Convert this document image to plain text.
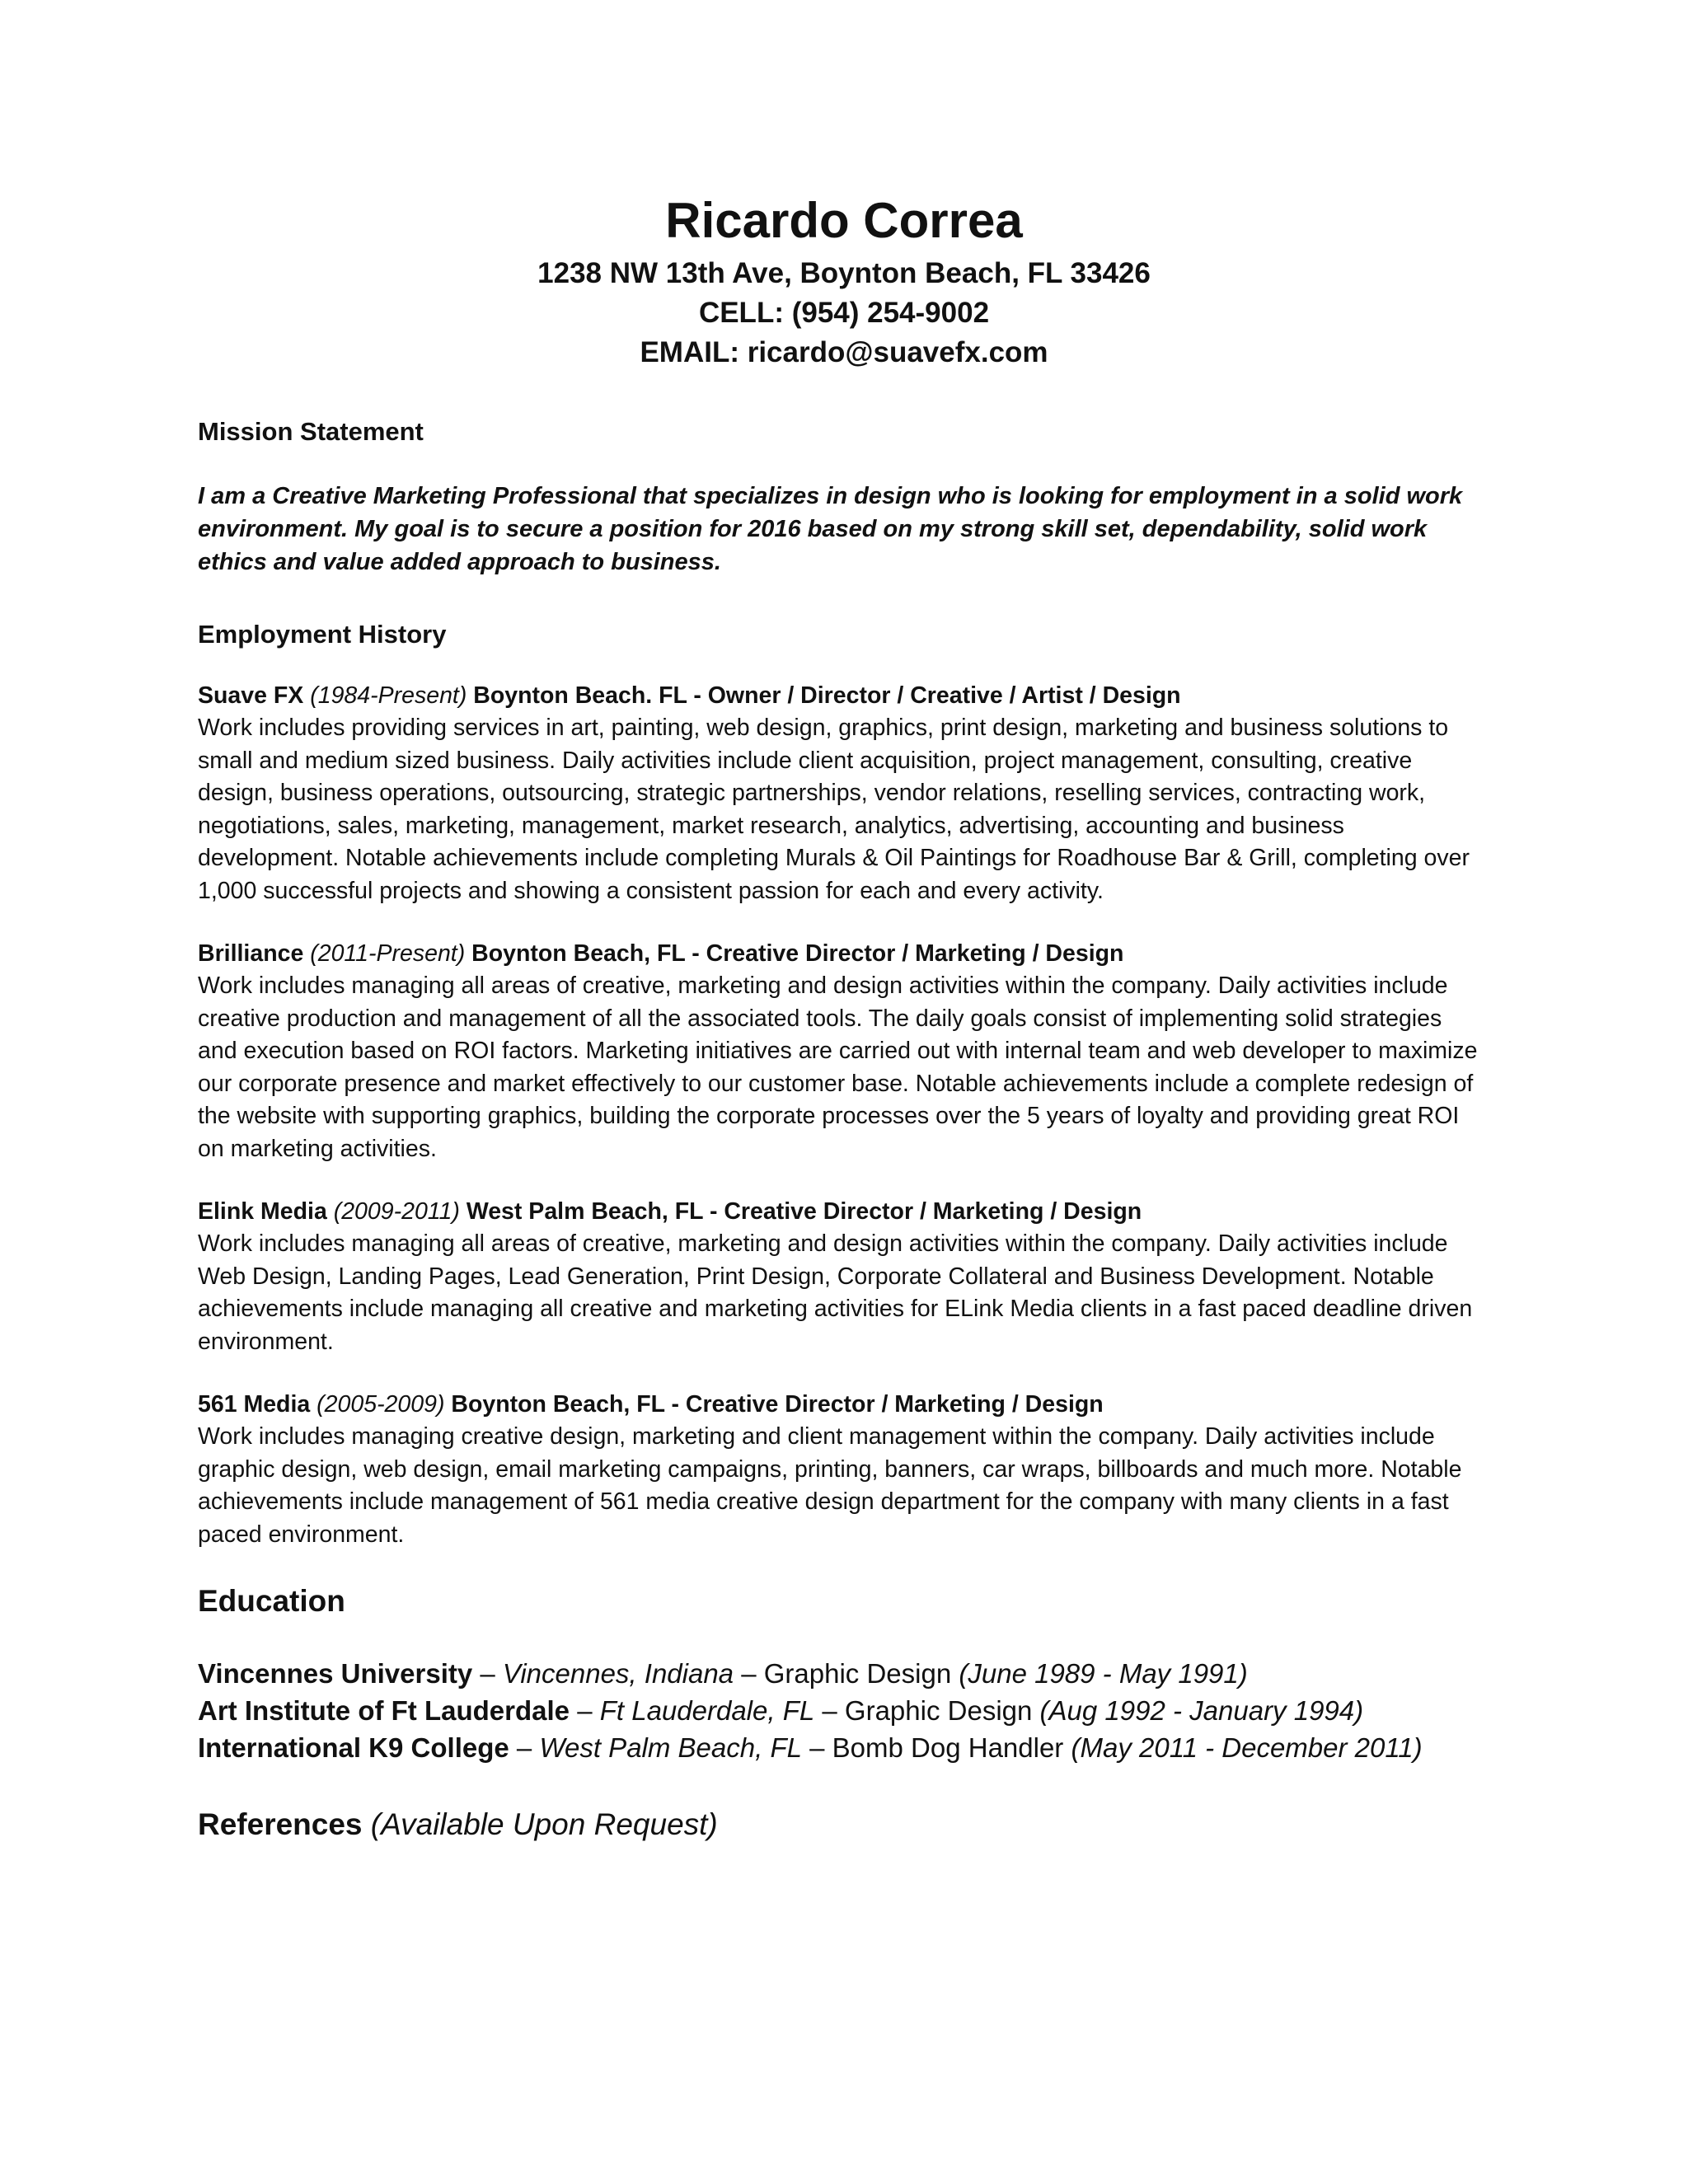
Ricardo Correa

1238 NW 13th Ave, Boynton Beach, FL 33426

CELL: (954) 254-9002

EMAIL: ricardo@suavefx.com

Mission Statement

I am a Creative Marketing Professional that specializes in design who is looking for employment in a solid work environment. My goal is to secure a position for 2016 based on my strong skill set, dependability, solid work ethics and value added approach to business.

Employment History

Suave FX (1984-Present) Boynton Beach. FL - Owner / Director / Creative / Artist / Design

Work includes providing services in art, painting, web design, graphics, print design, marketing and business solutions to small and medium sized business. Daily activities include client acquisition, project management, consulting, creative design, business operations, outsourcing, strategic partnerships, vendor relations, reselling services, contracting work, negotiations, sales, marketing, management, market research, analytics, advertising, accounting and business development. Notable achievements include completing Murals & Oil Paintings for Roadhouse Bar & Grill, completing over 1,000 successful projects and showing a consistent passion for each and every activity.

Brilliance (2011-Present) Boynton Beach, FL - Creative Director / Marketing / Design

Work includes managing all areas of creative, marketing and design activities within the company. Daily activities include creative production and management of all the associated tools. The daily goals consist of implementing solid strategies and execution based on ROI factors. Marketing initiatives are carried out with internal team and web developer to maximize our corporate presence and market effectively to our customer base. Notable achievements include a complete redesign of the website with supporting graphics, building the corporate processes over the 5 years of loyalty and providing great ROI on marketing activities.

Elink Media (2009-2011) West Palm Beach, FL - Creative Director / Marketing / Design

Work includes managing all areas of creative, marketing and design activities within the company. Daily activities include Web Design, Landing Pages, Lead Generation, Print Design, Corporate Collateral and Business Development. Notable achievements include managing all creative and marketing activities for ELink Media clients in a fast paced deadline driven environment.

561 Media (2005-2009) Boynton Beach, FL - Creative Director / Marketing / Design

Work includes managing creative design, marketing and client management within the company. Daily activities include graphic design, web design, email marketing campaigns, printing, banners, car wraps, billboards and much more. Notable achievements include management of 561 media creative design department for the company with many clients in a fast paced environment.

Education

Vincennes University – Vincennes, Indiana – Graphic Design (June 1989 - May 1991)

Art Institute of Ft Lauderdale – Ft Lauderdale, FL – Graphic Design (Aug 1992 - January 1994)

International K9 College – West Palm Beach, FL – Bomb Dog Handler (May 2011 - December 2011)

References (Available Upon Request)
